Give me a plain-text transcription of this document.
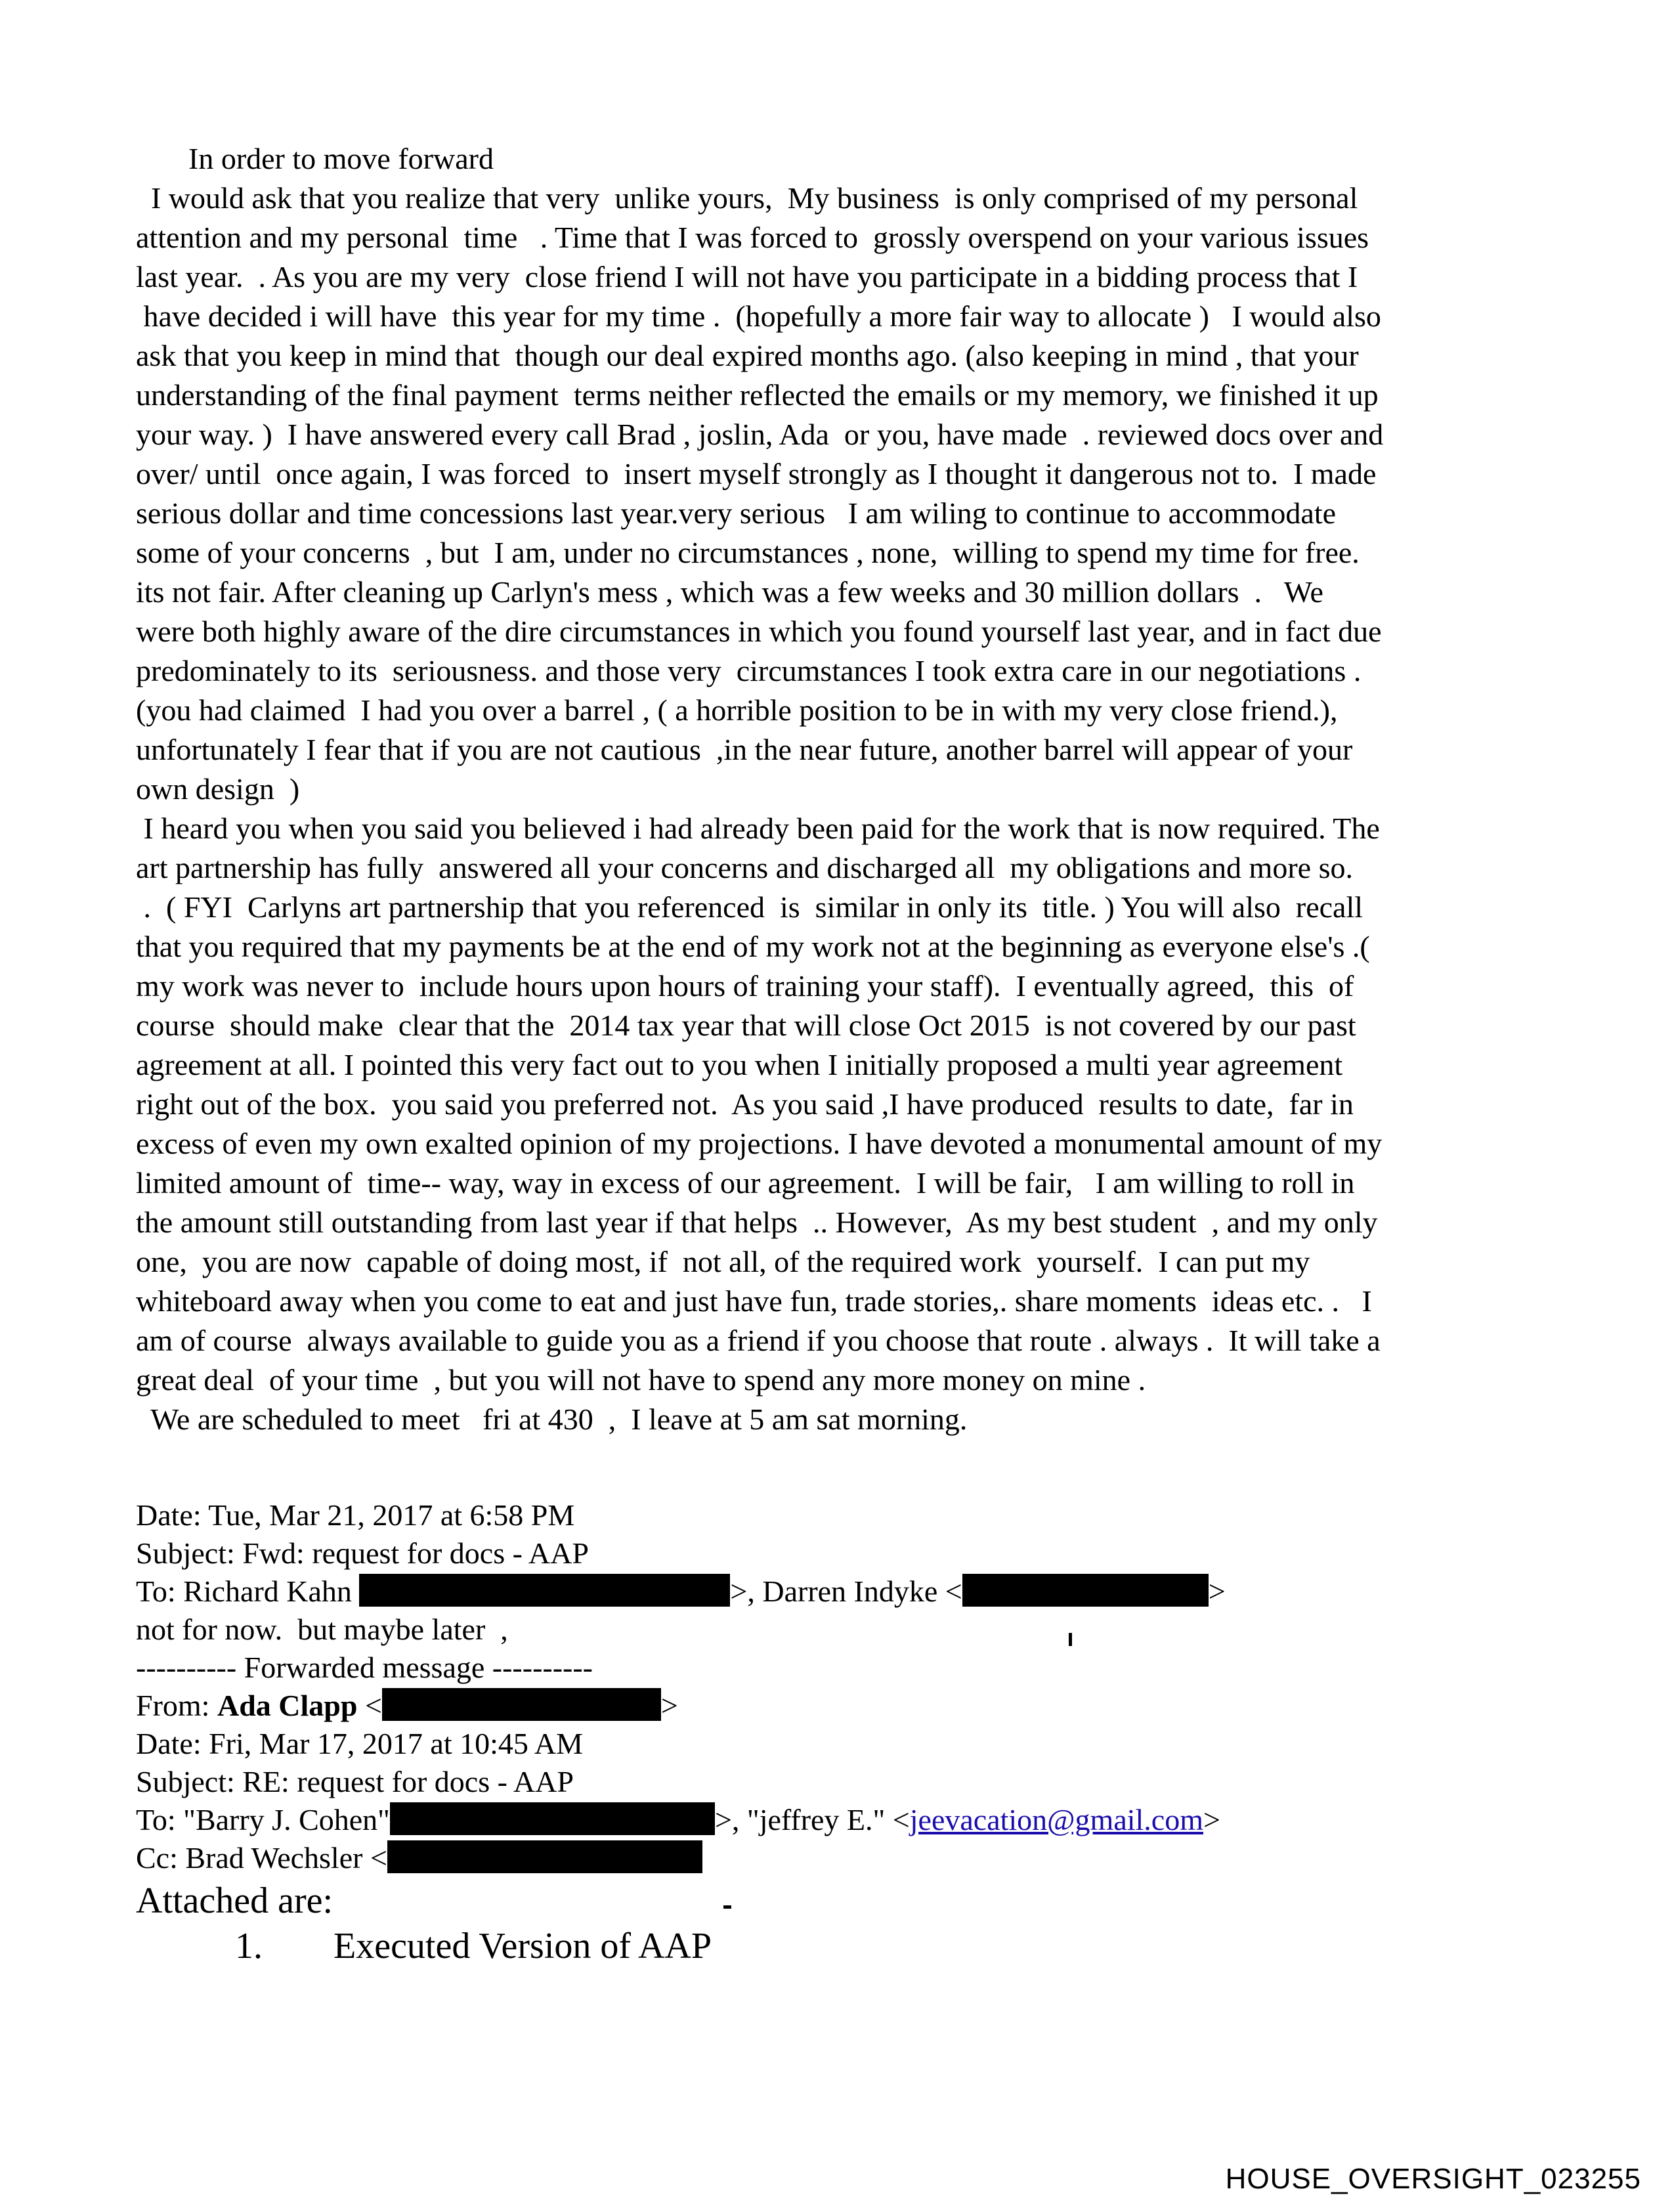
In order to move forward
I would ask that you realize that very  unlike yours,  My business  is only comprised of my personal
attention and my personal  time   . Time that I was forced to  grossly overspend on your various issues
last year.  . As you are my very  close friend I will not have you participate in a bidding process that I
have decided i will have  this year for my time .  (hopefully a more fair way to allocate )   I would also
ask that you keep in mind that  though our deal expired months ago. (also keeping in mind , that your
understanding of the final payment  terms neither reflected the emails or my memory, we finished it up
your way. )  I have answered every call Brad , joslin, Ada  or you, have made  . reviewed docs over and
over/ until  once again, I was forced  to  insert myself strongly as I thought it dangerous not to.  I made
serious dollar and time concessions last year.very serious   I am wiling to continue to accommodate
some of your concerns  , but  I am, under no circumstances , none,  willing to spend my time for free.
its not fair. After cleaning up Carlyn's mess , which was a few weeks and 30 million dollars  .   We
were both highly aware of the dire circumstances in which you found yourself last year, and in fact due
predominately to its  seriousness. and those very  circumstances I took extra care in our negotiations .
(you had claimed  I had you over a barrel , ( a horrible position to be in with my very close friend.),
unfortunately I fear that if you are not cautious  ,in the near future, another barrel will appear of your
own design  )
I heard you when you said you believed i had already been paid for the work that is now required. The
art partnership has fully  answered all your concerns and discharged all  my obligations and more so.
.  ( FYI  Carlyns art partnership that you referenced  is  similar in only its  title. ) You will also  recall
that you required that my payments be at the end of my work not at the beginning as everyone else's .(
my work was never to  include hours upon hours of training your staff).  I eventually agreed,  this  of
course  should make  clear that the  2014 tax year that will close Oct 2015  is not covered by our past
agreement at all. I pointed this very fact out to you when I initially proposed a multi year agreement
right out of the box.  you said you preferred not.  As you said ,I have produced  results to date,  far in
excess of even my own exalted opinion of my projections. I have devoted a monumental amount of my
limited amount of  time-- way, way in excess of our agreement.  I will be fair,   I am willing to roll in
the amount still outstanding from last year if that helps  .. However,  As my best student  , and my only
one,  you are now  capable of doing most, if  not all, of the required work  yourself.  I can put my
whiteboard away when you come to eat and just have fun, trade stories,. share moments  ideas etc. .   I
am of course  always available to guide you as a friend if you choose that route . always .  It will take a
great deal  of your time  , but you will not have to spend any more money on mine .
We are scheduled to meet   fri at 430  ,  I leave at 5 am sat morning.
Date: Tue, Mar 21, 2017 at 6:58 PM
Subject: Fwd: request for docs - AAP
To: Richard Kahn	>, Darren Indyke <	>
not for now.  but maybe later  ,
---------- Forwarded message ----------
From: Ada Clapp <	>
Date: Fri, Mar 17, 2017 at 10:45 AM
Subject: RE: request for docs - AAP
To: "Barry J. Cohen"	>, "jeffrey E." <jeevacation@gmail.com>
Cc: Brad Wechsler <
Attached are:
1. Executed Version of AAP
HOUSE_OVERSIGHT_023255
